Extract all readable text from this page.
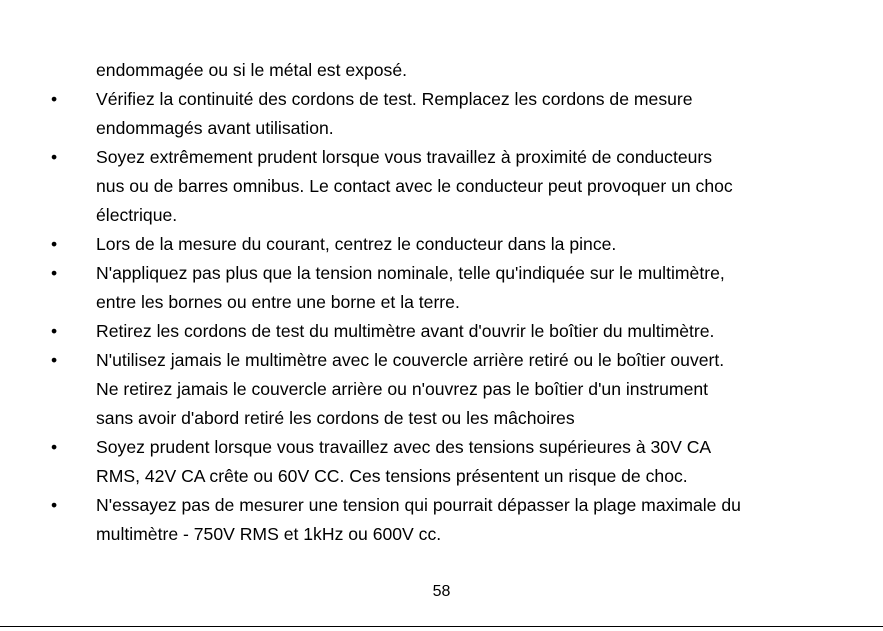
endommagée ou si le métal est exposé.
• Vérifiez la continuité des cordons de test. Remplacez les cordons de mesure
endommagés avant utilisation.
• Soyez extrêmement prudent lorsque vous travaillez à proximité de conducteurs
nus ou de barres omnibus. Le contact avec le conducteur peut provoquer un choc
électrique.
• Lors de la mesure du courant, centrez le conducteur dans la pince.
• N'appliquez pas plus que la tension nominale, telle qu'indiquée sur le multimètre,
entre les bornes ou entre une borne et la terre.
• Retirez les cordons de test du multimètre avant d'ouvrir le boîtier du multimètre.
• N'utilisez jamais le multimètre avec le couvercle arrière retiré ou le boîtier ouvert.
Ne retirez jamais le couvercle arrière ou n'ouvrez pas le boîtier d'un instrument
sans avoir d'abord retiré les cordons de test ou les mâchoires
• Soyez prudent lorsque vous travaillez avec des tensions supérieures à 30V CA
RMS, 42V CA crête ou 60V CC. Ces tensions présentent un risque de choc.
• N'essayez pas de mesurer une tension qui pourrait dépasser la plage maximale du
multimètre - 750V RMS et 1kHz ou 600V cc.
58
